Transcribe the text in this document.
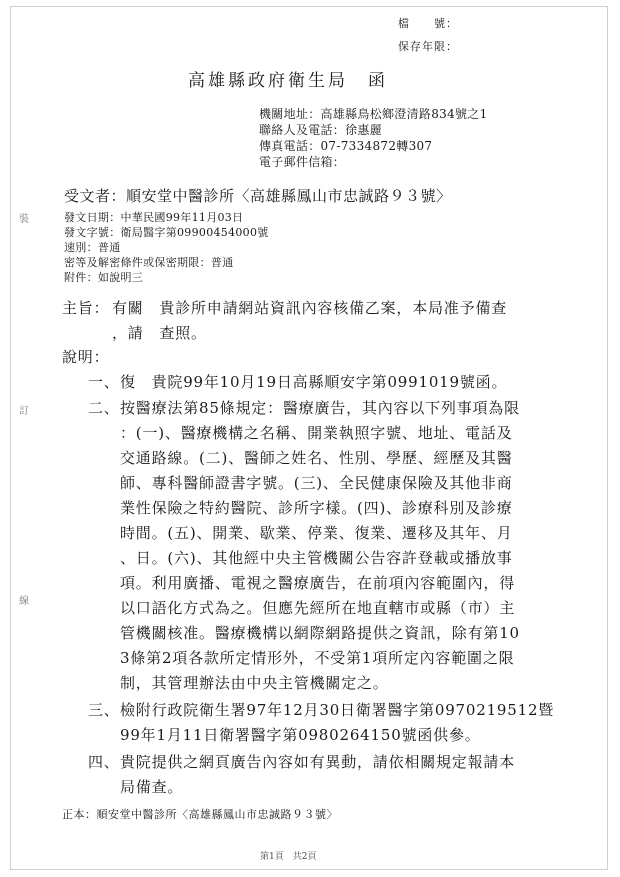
檔　　號：
保存年限：
高雄縣政府衛生局　函
機關地址：高雄縣鳥松鄉澄清路834號之1
聯絡人及電話：徐惠麗
傳真電話：07-7334872轉307
電子郵件信箱：
受文者：順安堂中醫診所〈高雄縣鳳山市忠誠路９３號〉
發文日期：中華民國99年11月03日
發文字號：衛局醫字第09900454000號
速別：普通
密等及解密條件或保密期限：普通
附件：如說明三
主旨： 有關　貴診所申請網站資訊內容核備乙案，本局准予備查
，請　查照。
說明：
一、 復　貴院99年10月19日高縣順安字第0991019號函。
二、 按醫療法第85條規定：醫療廣告，其內容以下列事項為限
：(一)、醫療機構之名稱、開業執照字號、地址、電話及
交通路線。(二)、醫師之姓名、性別、學歷、經歷及其醫
師、專科醫師證書字號。(三)、全民健康保險及其他非商
業性保險之特約醫院、診所字樣。(四)、診療科別及診療
時間。(五)、開業、歇業、停業、復業、遷移及其年、月
、日。(六)、其他經中央主管機關公告容許登載或播放事
項。利用廣播、電視之醫療廣告，在前項內容範圍內，得
以口語化方式為之。但應先經所在地直轄市或縣（市）主
管機關核准。醫療機構以網際網路提供之資訊，除有第10
3條第2項各款所定情形外，不受第1項所定內容範圍之限
制，其管理辦法由中央主管機關定之。
三、 檢附行政院衛生署97年12月30日衛署醫字第0970219512暨
99年1月11日衛署醫字第0980264150號函供參。
四、 貴院提供之網頁廣告內容如有異動，請依相關規定報請本
局備查。
正本：順安堂中醫診所〈高雄縣鳳山市忠誠路９３號〉
第1頁　共2頁
裝
訂
線
